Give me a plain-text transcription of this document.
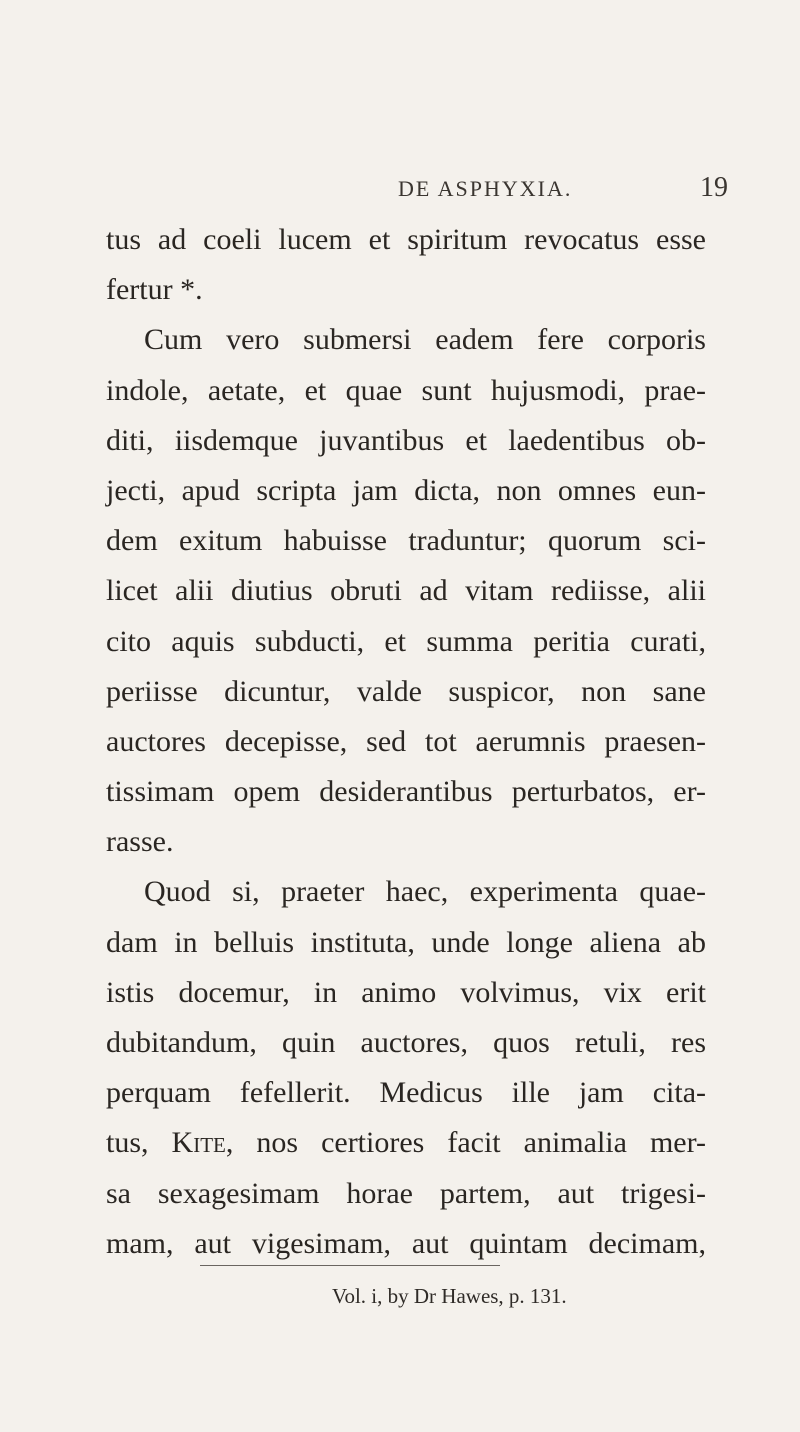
DE ASPHYXIA.	19
tus ad coeli lucem et spiritum revocatus esse
fertur *.
Cum vero submersi eadem fere corporis
indole, aetate, et quae sunt hujusmodi, prae-
diti, iisdemque juvantibus et laedentibus ob-
jecti, apud scripta jam dicta, non omnes eun-
dem exitum habuisse traduntur; quorum sci-
licet alii diutius obruti ad vitam rediisse, alii
cito aquis subducti, et summa peritia curati,
periisse dicuntur, valde suspicor, non sane
auctores decepisse, sed tot aerumnis praesen-
tissimam opem desiderantibus perturbatos, er-
rasse.
Quod si, praeter haec, experimenta quae-
dam in belluis instituta, unde longe aliena ab
istis docemur, in animo volvimus, vix erit
dubitandum, quin auctores, quos retuli, res
perquam fefellerit. Medicus ille jam cita-
tus, Kite, nos certiores facit animalia mer-
sa sexagesimam horae partem, aut trigesi-
mam, aut vigesimam, aut quintam decimam,
Vol. i, by Dr Hawes, p. 131.
